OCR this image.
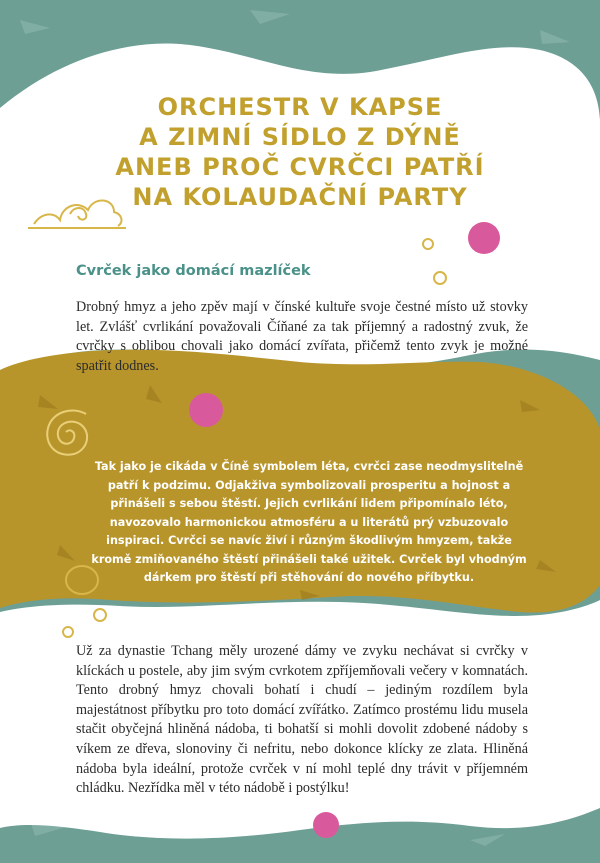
ORCHESTR V KAPSE
A ZIMNÍ SÍDLO Z DÝNĚ
ANEB PROČ CVRČCI PATŘÍ
NA KOLAUDAČNÍ PARTY
Cvrček jako domácí mazlíček

Drobný hmyz a jeho zpěv mají v čínské kultuře svoje čestné místo už stovky let. Zvlášť cvrlikání považovali Číňané za tak příjemný a radostný zvuk, že cvrčky s oblibou chovali jako domácí zvířata, přičemž tento zvyk je možné spatřit dodnes.

Tak jako je cikáda v Číně symbolem léta, cvrčci zase neodmyslitelně patří k podzimu. Odjakživa symbolizovali prosperitu a hojnost a přinášeli s sebou štěstí. Jejich cvrlikání lidem připomínalo léto, navozovalo harmonickou atmosféru a u literátů prý vzbuzovalo inspiraci. Cvrčci se navíc živí i různým škodlivým hmyzem, takže kromě zmiňovaného štěstí přinášeli také užitek. Cvrček byl vhodným dárkem pro štěstí při stěhování do nového příbytku.

Už za dynastie Tchang měly urozené dámy ve zvyku nechávat si cvrčky v klíckách u postele, aby jim svým cvrkotem zpříjemňovali večery v komnatách. Tento drobný hmyz chovali bohatí i chudí – jediným rozdílem byla majestátnost příbytku pro toto domácí zvířátko. Zatímco prostému lidu musela stačit obyčejná hliněná nádoba, ti bohatší si mohli dovolit zdobené nádoby s víkem ze dřeva, slonoviny či nefritu, nebo dokonce klícky ze zlata. Hliněná nádoba byla ideální, protože cvrček v ní mohl teplé dny trávit v příjemném chládku. Nezřídka měl v této nádobě i postýlku!
